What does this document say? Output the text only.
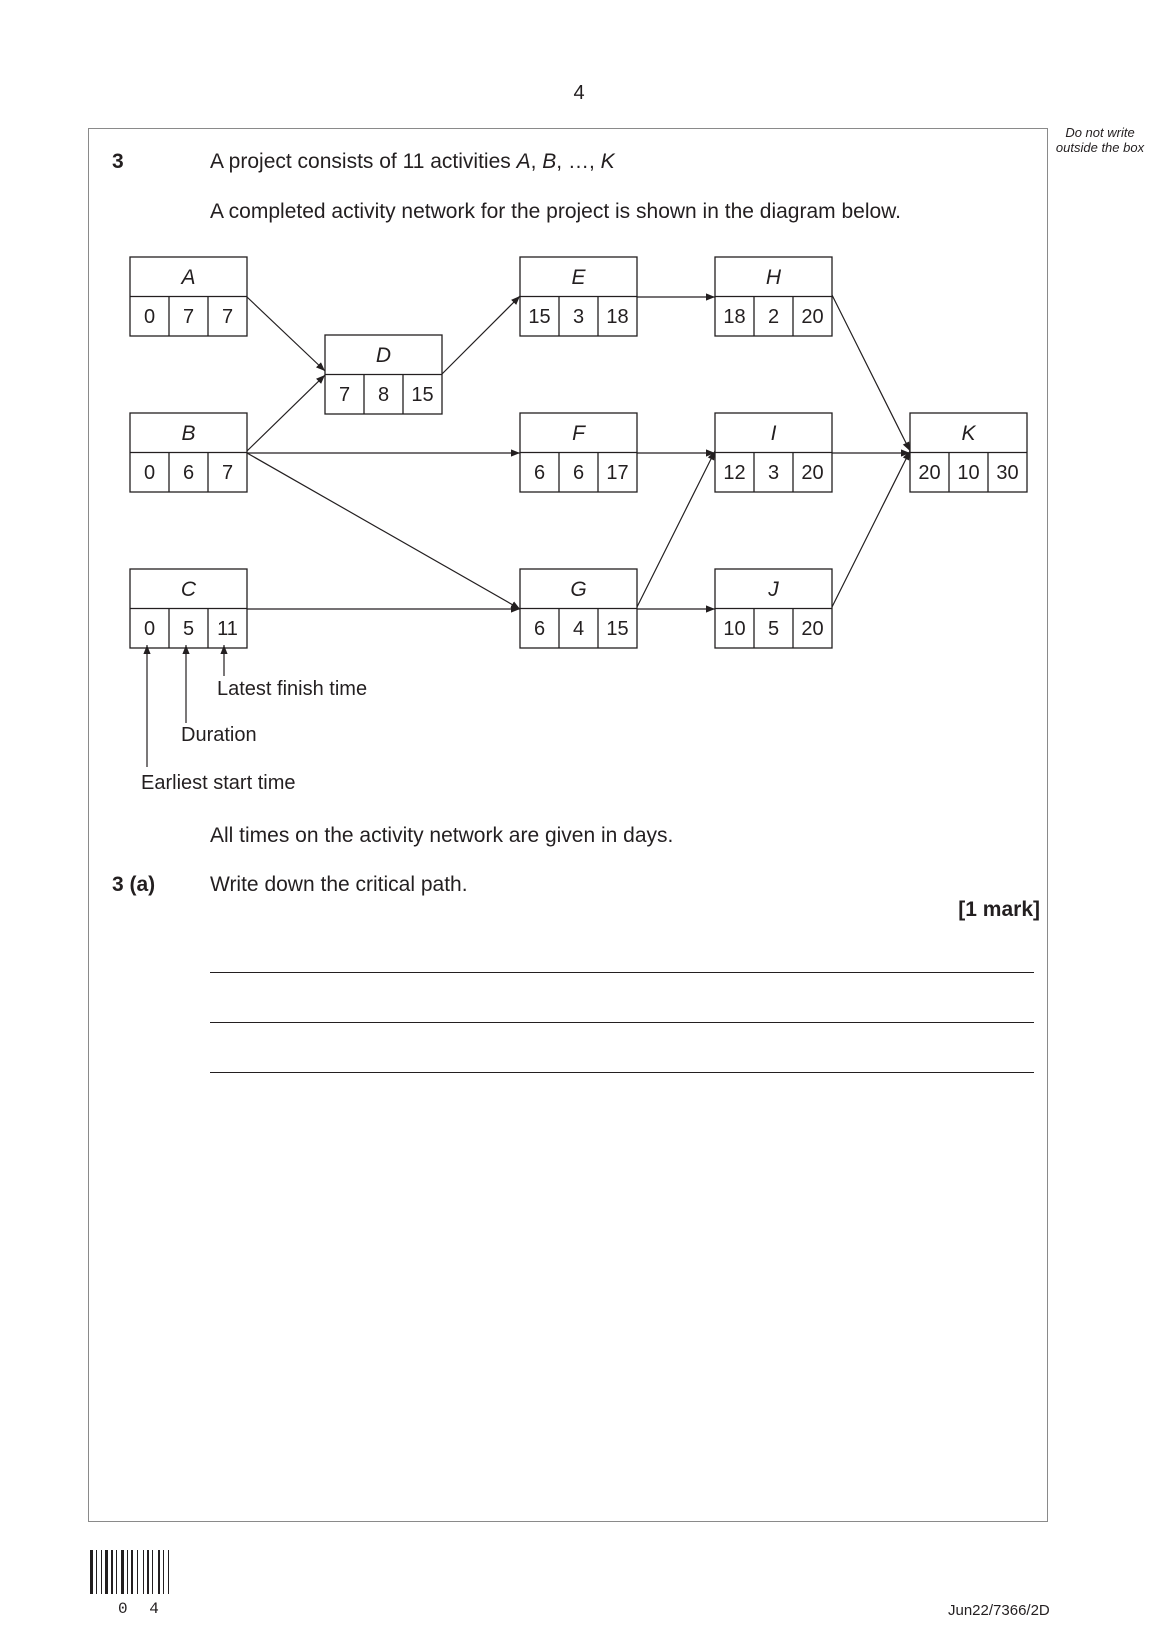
4
Do not write outside the box
3	A project consists of 11 activities A, B, …, K
A completed activity network for the project is shown in the diagram below.
A
0 7 7
B
0 6 7
C
0 5 11
D
7 8 15
E
15 3 18
F
6 6 17
G
6 4 15
H
18 2 20
I
12 3 20
J
10 5 20
K
20 10 30
Latest finish time
Duration
Earliest start time
All times on the activity network are given in days.
3 (a)	Write down the critical path.
[1 mark]
0 4	Jun22/7366/2D
